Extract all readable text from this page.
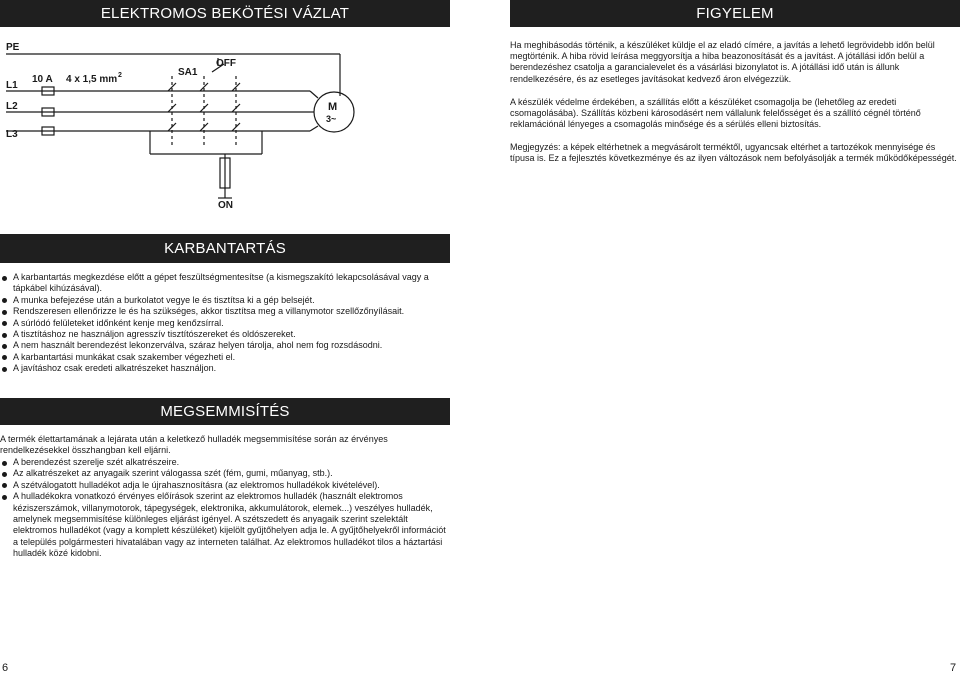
ELEKTROMOS BEKÖTÉSI VÁZLAT	FIGYELEM
PE
L1
L2
L3
10 A 4 x 1,5 mm 2	SA1
OFF
ON
M
3~

Ha meghibásodás történik, a készüléket küldje el az eladó címére, a javítás a lehető legrövidebb időn belül megtörténik. A hiba rövid leírása meggyorsítja a hiba beazonosítását és a javítást. A jótállási időn belül a berendezéshez csatolja a garancialevelet és a vásárlási bizonylatot is. A jótállási idő után is állunk rendelkezésére, és az esetleges javításokat kedvező áron elvégezzük.

A készülék védelme érdekében, a szállítás előtt a készüléket csomagolja be (lehetőleg az eredeti csomagolásába). Szállítás közbeni károsodásért nem vállalunk felelősséget és a szállító cégnél történő reklamációnál lényeges a csomagolás minősége és a sérülés elleni biztosítás.

Megjegyzés: a képek eltérhetnek a megvásárolt terméktől, ugyancsak eltérhet a tartozékok mennyisége és típusa is. Ez a fejlesztés következménye és az ilyen változások nem befolyásolják a termék működőképességét.

KARBANTARTÁS
A karbantartás megkezdése előtt a gépet feszültségmentesítse (a kismegszakító lekapcsolásával vagy a tápkábel kihúzásával).
A munka befejezése után a burkolatot vegye le és tisztítsa ki a gép belsejét.
Rendszeresen ellenőrizze le és ha szükséges, akkor tisztítsa meg a villanymotor szellőzőnyílásait.
A súrlódó felületeket időnként kenje meg kenőzsírral.
A tisztításhoz ne használjon agresszív tisztítószereket és oldószereket.
A nem használt berendezést lekonzerválva, száraz helyen tárolja, ahol nem fog rozsdásodni.
A karbantartási munkákat csak szakember végezheti el.
A javításhoz csak eredeti alkatrészeket használjon.
MEGSEMMISÍTÉS

A termék élettartamának a lejárata után a keletkező hulladék megsemmisítése során az érvényes rendelkezésekkel összhangban kell eljárni.

A berendezést szerelje szét alkatrészeire.
Az alkatrészeket az anyagaik szerint válogassa szét (fém, gumi, műanyag, stb.).
A szétválogatott hulladékot adja le újrahasznosításra (az elektromos hulladékok kivételével).
A hulladékokra vonatkozó érvényes előírások szerint az elektromos hulladék (használt elektromos kéziszerszámok, villanymotorok, tápegységek, elektronika, akkumulátorok, elemek...) veszélyes hulladék, amelynek megsemmisítése különleges eljárást igényel. A szétszedett és anyagaik szerint szelektált elektromos hulladékot (vagy a komplett készüléket) kijelölt gyűjtőhelyen adja le. A gyűjtőhelyekről információt a település polgármesteri hivatalában vagy az interneten találhat. Az elektromos hulladékot tilos a háztartási hulladék közé kidobni.
6	7
